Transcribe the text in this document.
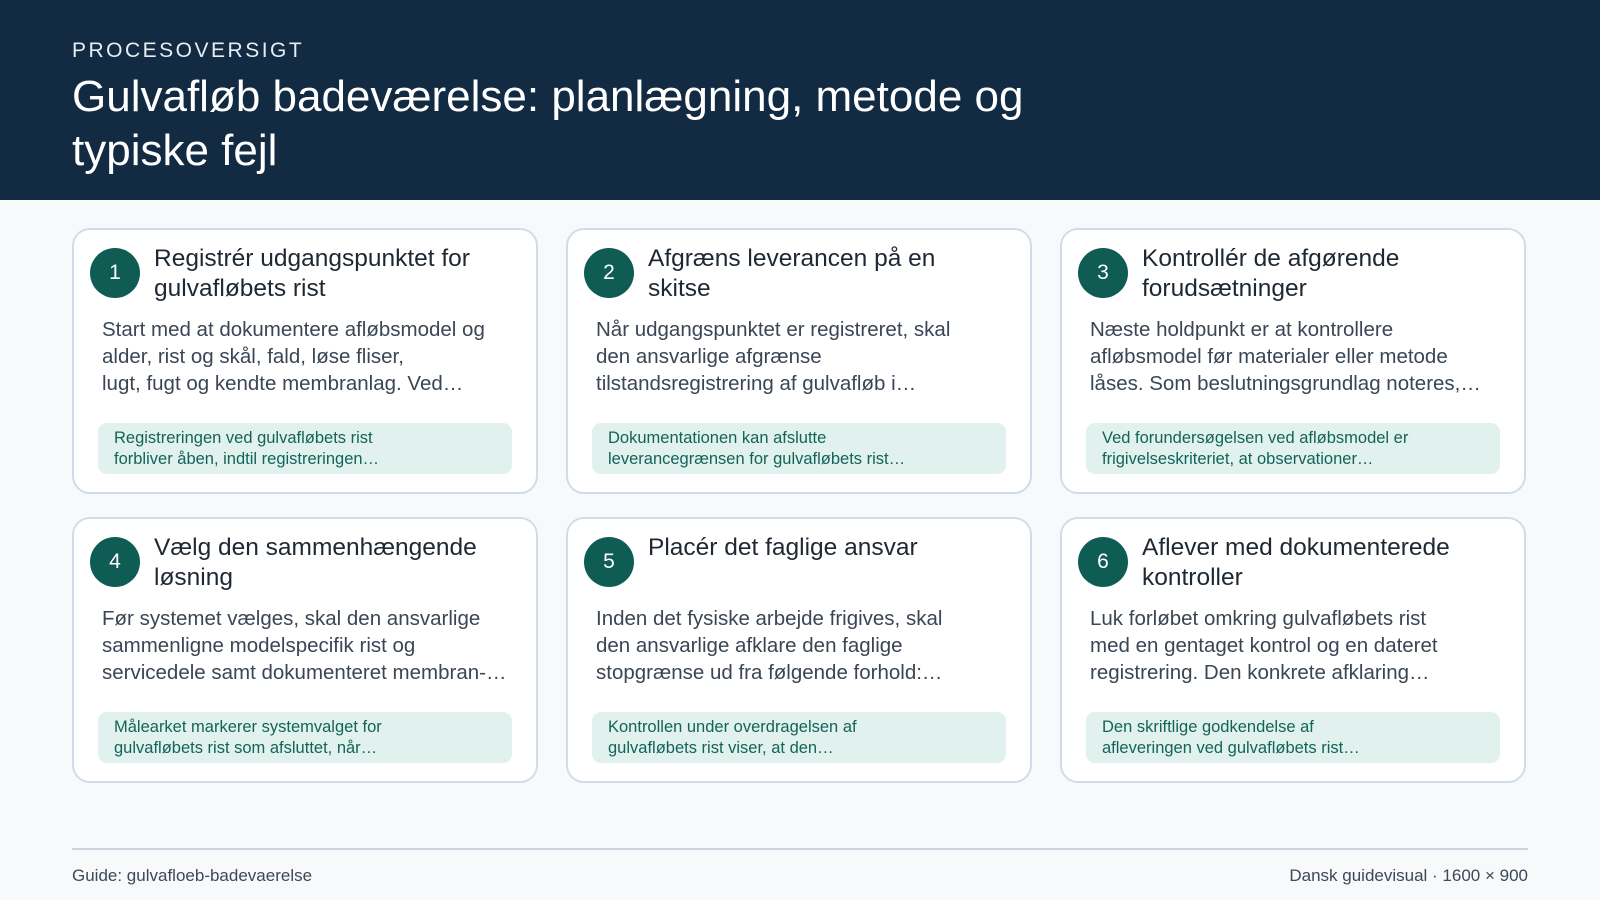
PROCESOVERSIGT
Gulvafløb badeværelse: planlægning, metode og typiske fejl
1
Registrér udgangspunktet for gulvafløbets rist
Start med at dokumentere afløbsmodel og
alder, rist og skål, fald, løse fliser,
lugt, fugt og kendte membranlag. Ved…
Registreringen ved gulvafløbets rist
forbliver åben, indtil registreringen…
2
Afgræns leverancen på en skitse
Når udgangspunktet er registreret, skal
den ansvarlige afgrænse
tilstandsregistrering af gulvafløb i…
Dokumentationen kan afslutte
leverancegrænsen for gulvafløbets rist…
3
Kontrollér de afgørende forudsætninger
Næste holdpunkt er at kontrollere
afløbsmodel før materialer eller metode
låses. Som beslutningsgrundlag noteres,…
Ved forundersøgelsen ved afløbsmodel er
frigivelseskriteriet, at observationer…
4
Vælg den sammenhængende løsning
Før systemet vælges, skal den ansvarlige
sammenligne modelspecifik rist og
servicedele samt dokumenteret membran-…
Målearket markerer systemvalget for
gulvafløbets rist som afsluttet, når…
5
Placér det faglige ansvar
Inden det fysiske arbejde frigives, skal
den ansvarlige afklare den faglige
stopgrænse ud fra følgende forhold:…
Kontrollen under overdragelsen af
gulvafløbets rist viser, at den…
6
Aflever med dokumenterede kontroller
Luk forløbet omkring gulvafløbets rist
med en gentaget kontrol og en dateret
registrering. Den konkrete afklaring…
Den skriftlige godkendelse af
afleveringen ved gulvafløbets rist…
Guide: gulvafloeb-badevaerelse	Dansk guidevisual · 1600 × 900
